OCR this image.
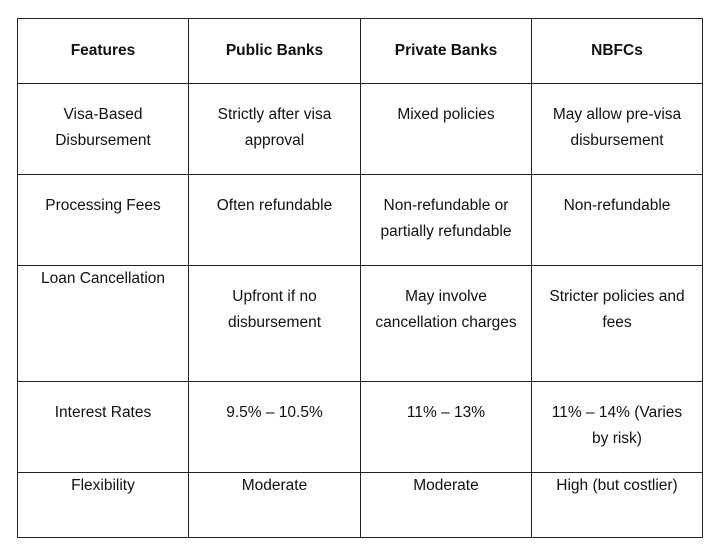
Features	Public Banks	Private Banks	NBFCs

Visa-Based Disbursement	Strictly after visa approval	Mixed policies	May allow pre-visa disbursement

Processing Fees	Often refundable	Non-refundable or partially refundable	Non-refundable

Loan Cancellation	Upfront if no disbursement	May involve cancellation charges	Stricter policies and fees

Interest Rates	9.5% – 10.5%	11% – 13%	11% – 14% (Varies by risk)

Flexibility	Moderate	Moderate	High (but costlier)
